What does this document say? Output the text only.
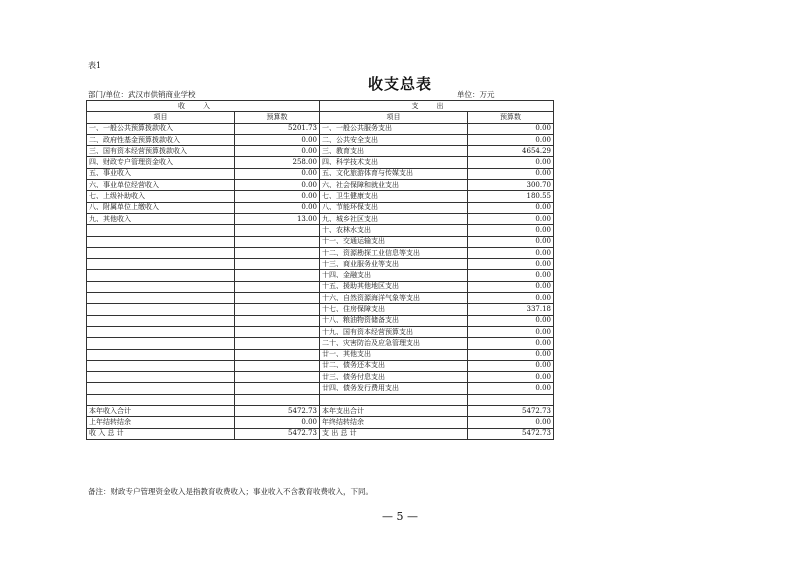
表1
收支总表
部门/单位：武汉市供销商业学校	单位：万元
收入		支出	
项目	预算数	项目	预算数
一、一般公共预算拨款收入	5201.73	一、一般公共服务支出	0.00
二、政府性基金预算拨款收入	0.00	二、公共安全支出	0.00
三、国有资本经营预算拨款收入	0.00	三、教育支出	4654.29
四、财政专户管理资金收入	258.00	四、科学技术支出	0.00
五、事业收入	0.00	五、文化旅游体育与传媒支出	0.00
六、事业单位经营收入	0.00	六、社会保障和就业支出	300.70
七、上级补助收入	0.00	七、卫生健康支出	180.55
八、附属单位上缴收入	0.00	八、节能环保支出	0.00
九、其他收入	13.00	九、城乡社区支出	0.00
		十、农林水支出	0.00
		十一、交通运输支出	0.00
		十二、资源勘探工业信息等支出	0.00
		十三、商业服务业等支出	0.00
		十四、金融支出	0.00
		十五、援助其他地区支出	0.00
		十六、自然资源海洋气象等支出	0.00
		十七、住房保障支出	337.18
		十八、粮油物资储备支出	0.00
		十九、国有资本经营预算支出	0.00
		二十、灾害防治及应急管理支出	0.00
		廿一、其他支出	0.00
		廿二、债务还本支出	0.00
		廿三、债务付息支出	0.00
		廿四、债务发行费用支出	0.00

本年收入合计	5472.73	本年支出合计	5472.73
上年结转结余	0.00	年终结转结余	0.00
收 入 总 计	5472.73	支 出 总 计	5472.73
备注：财政专户管理资金收入是指教育收费收入；事业收入不含教育收费收入，下同。
— 5 —
